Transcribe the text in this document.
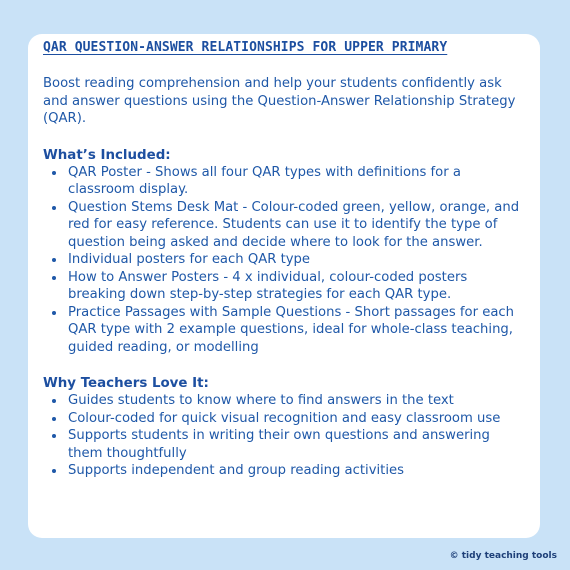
QAR QUESTION-ANSWER RELATIONSHIPS FOR UPPER PRIMARY

Boost reading comprehension and help your students confidently ask and answer questions using the Question-Answer Relationship Strategy (QAR).

What’s Included:
• QAR Poster - Shows all four QAR types with definitions for a classroom display.
• Question Stems Desk Mat - Colour-coded green, yellow, orange, and red for easy reference. Students can use it to identify the type of question being asked and decide where to look for the answer.
• Individual posters for each QAR type
• How to Answer Posters - 4 x individual, colour-coded posters breaking down step-by-step strategies for each QAR type.
• Practice Passages with Sample Questions - Short passages for each QAR type with 2 example questions, ideal for whole-class teaching, guided reading, or modelling
Why Teachers Love It:
• Guides students to know where to find answers in the text
• Colour-coded for quick visual recognition and easy classroom use
• Supports students in writing their own questions and answering them thoughtfully
• Supports independent and group reading activities
© tidy teaching tools
